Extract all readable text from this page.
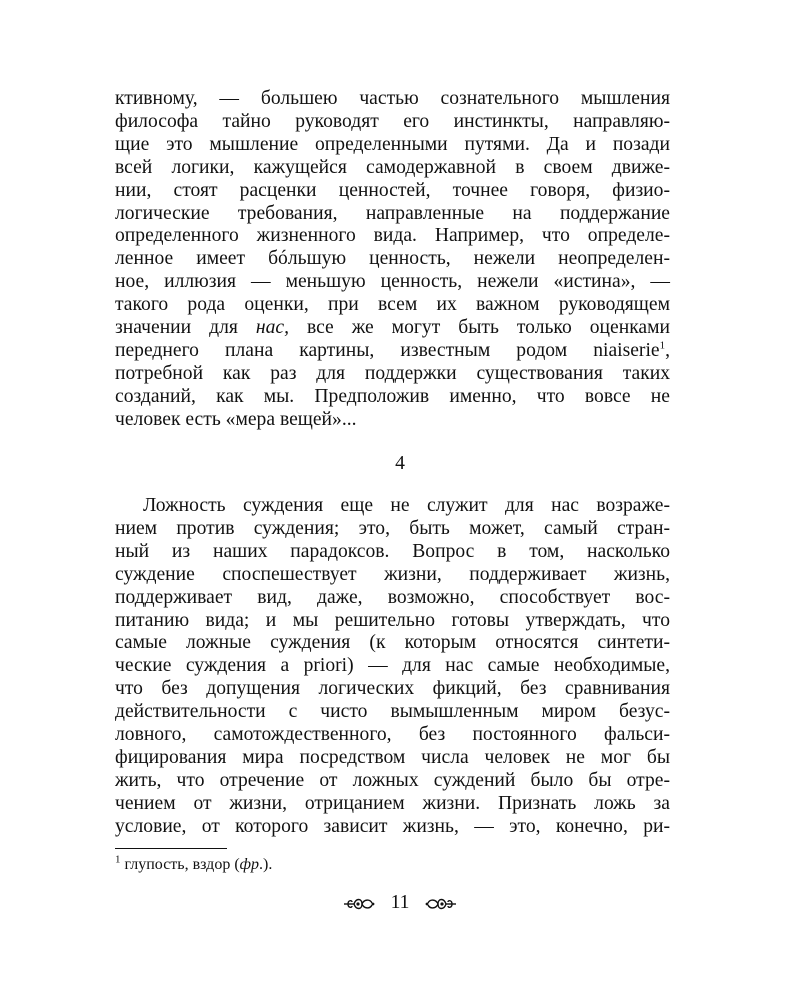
ктивному, — большею частью сознательного мышления
философа тайно руководят его инстинкты, направляю-
щие это мышление определенными путями. Да и позади
всей логики, кажущейся самодержавной в своем движе-
нии, стоят расценки ценностей, точнее говоря, физио-
логические требования, направленные на поддержание
определенного жизненного вида. Например, что определе-
ленное имеет бóльшую ценность, нежели неопределен-
ное, иллюзия — меньшую ценность, нежели «истина», —
такого рода оценки, при всем их важном руководящем
значении для нас, все же могут быть только оценками
переднего плана картины, известным родом niaiserie$^1$,
потребной как раз для поддержки существования таких
созданий, как мы. Предположив именно, что вовсе не
человек есть «мера вещей»...
4
Ложность суждения еще не служит для нас возраже-
нием против суждения; это, быть может, самый стран-
ный из наших парадоксов. Вопрос в том, насколько
суждение споспешествует жизни, поддерживает жизнь,
поддерживает вид, даже, возможно, способствует вос-
питанию вида; и мы решительно готовы утверждать, что
самые ложные суждения (к которым относятся синтети-
ческие суждения a priori) — для нас самые необходимые,
что без допущения логических фикций, без сравнивания
действительности с чисто вымышленным миром безус-
ловного, самотождественного, без постоянного фальси-
фицирования мира посредством числа человек не мог бы
жить, что отречение от ложных суждений было бы отре-
чением от жизни, отрицанием жизни. Признать ложь за
условие, от которого зависит жизнь, — это, конечно, ри-
$^1$ глупость, вздор (фр.).
11
